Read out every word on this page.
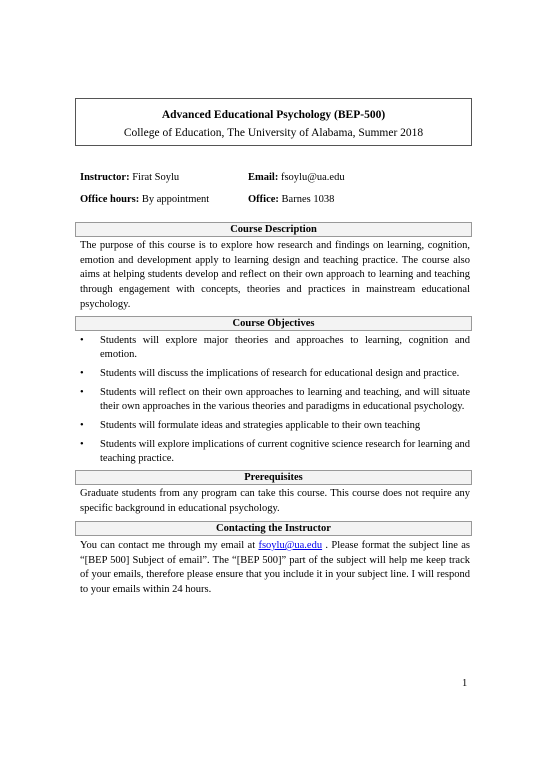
Advanced Educational Psychology (BEP-500)
College of Education, The University of Alabama, Summer 2018
Instructor: Firat Soylu	Email: fsoylu@ua.edu
Office hours: By appointment	Office: Barnes 1038
Course Description
The purpose of this course is to explore how research and findings on learning, cognition, emotion and development apply to learning design and teaching practice. The course also aims at helping students develop and reflect on their own approach to learning and teaching through engagement with concepts, theories and practices in mainstream educational psychology.
Course Objectives
• Students will explore major theories and approaches to learning, cognition and emotion.
• Students will discuss the implications of research for educational design and practice.
• Students will reflect on their own approaches to learning and teaching, and will situate their own approaches in the various theories and paradigms in educational psychology.
• Students will formulate ideas and strategies applicable to their own teaching
• Students will explore implications of current cognitive science research for learning and teaching practice.
Prerequisites
Graduate students from any program can take this course. This course does not require any specific background in educational psychology.
Contacting the Instructor
You can contact me through my email at fsoylu@ua.edu . Please format the subject line as “[BEP 500] Subject of email”. The “[BEP 500]” part of the subject will help me keep track of your emails, therefore please ensure that you include it in your subject line. I will respond to your emails within 24 hours.
1
